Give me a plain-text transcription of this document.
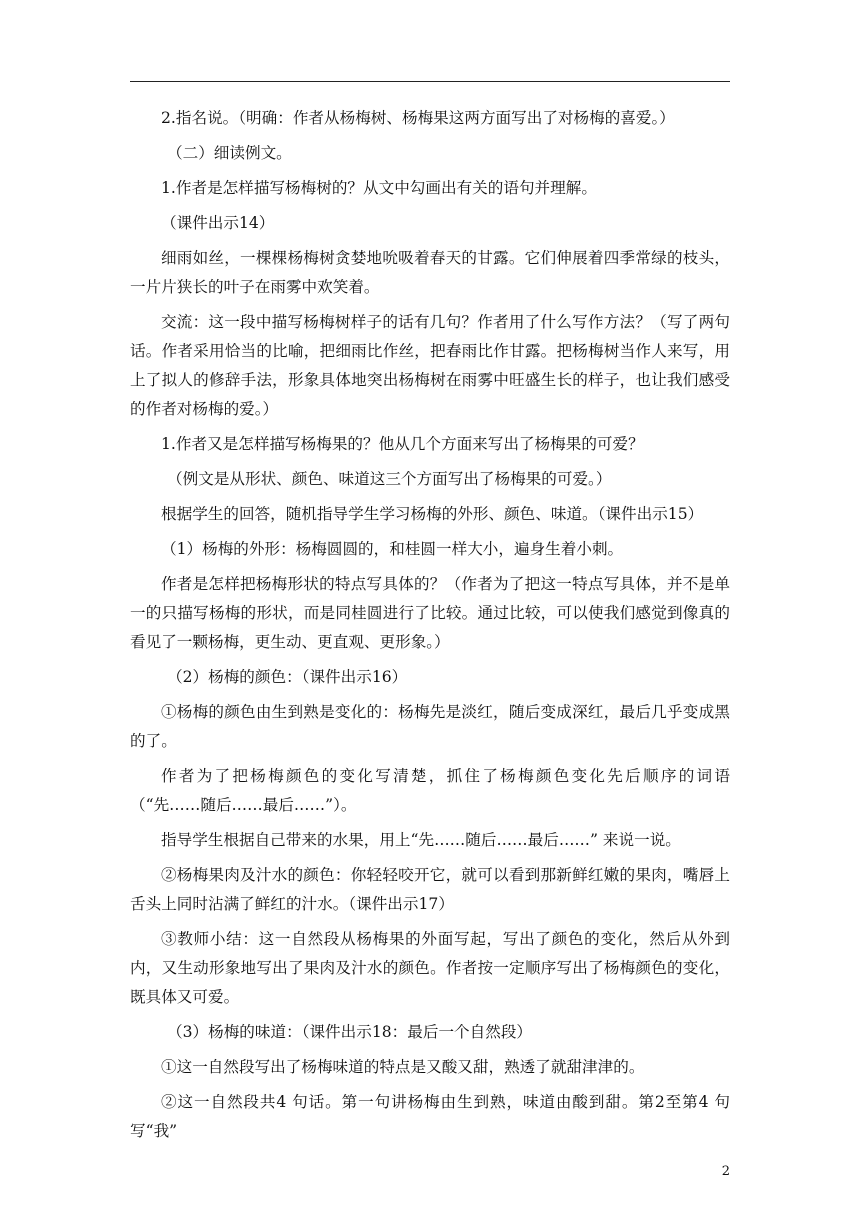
2.指名说。（明确：作者从杨梅树、杨梅果这两方面写出了对杨梅的喜爱。）

（二）细读例文。

1.作者是怎样描写杨梅树的？从文中勾画出有关的语句并理解。

（课件出示14）

细雨如丝，一棵棵杨梅树贪婪地吮吸着春天的甘露。它们伸展着四季常绿的枝头，一片片狭长的叶子在雨雾中欢笑着。

交流：这一段中描写杨梅树样子的话有几句？作者用了什么写作方法？（写了两句话。作者采用恰当的比喻，把细雨比作丝，把春雨比作甘露。把杨梅树当作人来写，用上了拟人的修辞手法，形象具体地突出杨梅树在雨雾中旺盛生长的样子，也让我们感受的作者对杨梅的爱。）

1.作者又是怎样描写杨梅果的？他从几个方面来写出了杨梅果的可爱？

（例文是从形状、颜色、味道这三个方面写出了杨梅果的可爱。）

根据学生的回答，随机指导学生学习杨梅的外形、颜色、味道。（课件出示15）

（1）杨梅的外形：杨梅圆圆的，和桂圆一样大小，遍身生着小刺。

作者是怎样把杨梅形状的特点写具体的？（作者为了把这一特点写具体，并不是单一的只描写杨梅的形状，而是同桂圆进行了比较。通过比较，可以使我们感觉到像真的看见了一颗杨梅，更生动、更直观、更形象。）

（2）杨梅的颜色：（课件出示16）

①杨梅的颜色由生到熟是变化的：杨梅先是淡红，随后变成深红，最后几乎变成黑的了。

作者为了把杨梅颜色的变化写清楚，抓住了杨梅颜色变化先后顺序的词语（“先……随后……最后……”）。

指导学生根据自己带来的水果，用上“先……随后……最后……” 来说一说。

②杨梅果肉及汁水的颜色：你轻轻咬开它，就可以看到那新鲜红嫩的果肉，嘴唇上舌头上同时沾满了鲜红的汁水。（课件出示17）

③教师小结：这一自然段从杨梅果的外面写起，写出了颜色的变化，然后从外到内，又生动形象地写出了果肉及汁水的颜色。作者按一定顺序写出了杨梅颜色的变化，既具体又可爱。

（3）杨梅的味道：（课件出示18：最后一个自然段）

①这一自然段写出了杨梅味道的特点是又酸又甜，熟透了就甜津津的。

②这一自然段共4 句话。第一句讲杨梅由生到熟，味道由酸到甜。第2至第4 句写“我”

2
